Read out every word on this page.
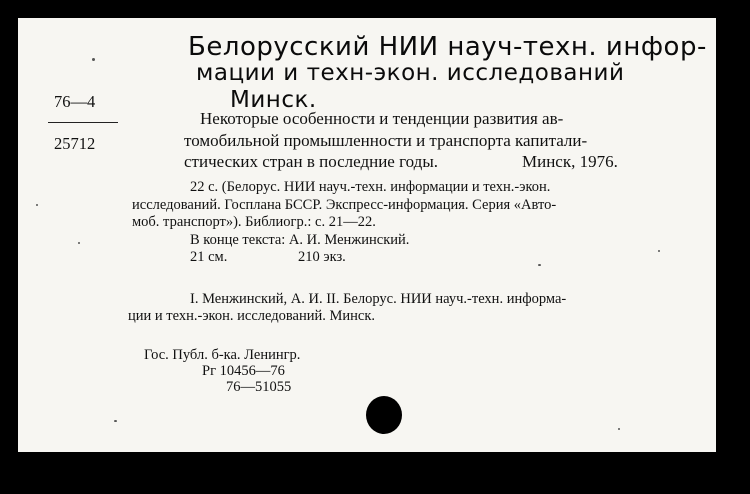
Белорусский НИИ науч-техн. инфор-
мации и техн-экон. исследований
Минск.
76—4
25712
Некоторые особенности и тенденции развития ав-
томобильной промышленности и транспорта капитали-
стических стран в последние годы.	Минск, 1976.
22 с. (Белорус. НИИ науч.-техн. информации и техн.-экон.
исследований. Госплана БССР. Экспресс-информация. Серия «Авто-
моб. транспорт»). Библиогр.: с. 21—22.
В конце текста: А. И. Менжинский.
21 см.	210 экз.
I. Менжинский, А. И. II. Белорус. НИИ науч.-техн. информа-
ции и техн.-экон. исследований. Минск.
Гос. Публ. б-ка. Ленингр.
Рг 10456—76
76—51055
